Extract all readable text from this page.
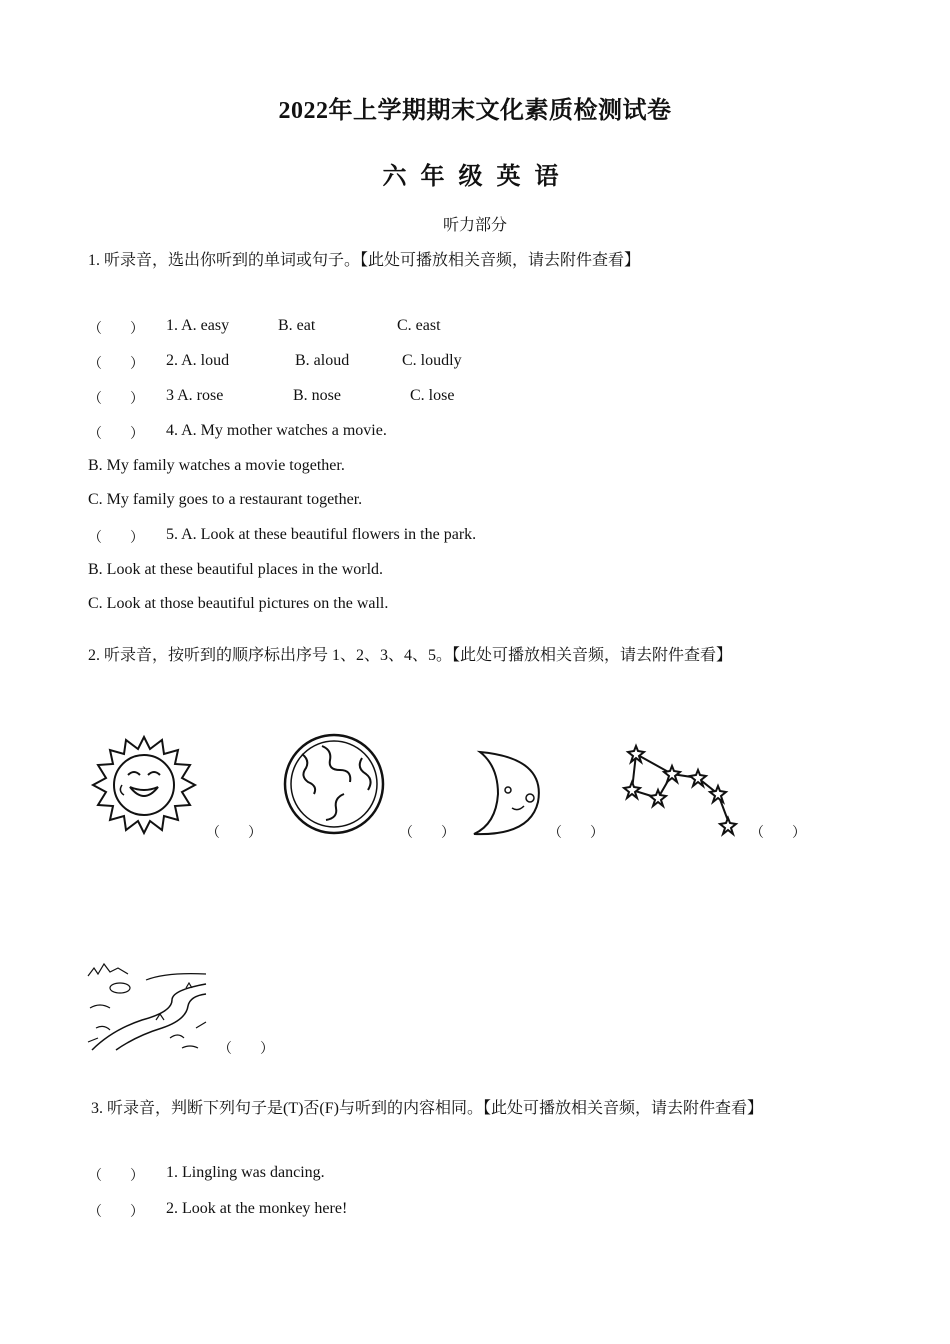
2022年上学期期末文化素质检测试卷
六年级英语
听力部分
1. 听录音，选出你听到的单词或句子。【此处可播放相关音频，请去附件查看】
（　　） 1. A. easy	B. eat	C. east
（　　） 2. A. loud	B. aloud	C. loudly
（　　） 3 A. rose	B. nose	C. lose
（　　） 4. A. My mother watches a movie.
B. My family watches a movie together.
C. My family goes to a restaurant together.
（　　） 5. A. Look at these beautiful flowers in the park.
B. Look at these beautiful places in the world.
C. Look at those beautiful pictures on the wall.
2. 听录音，按听到的顺序标出序号 1、2、3、4、5。【此处可播放相关音频，请去附件查看】
（　　）	（　　）	（　　）	（　　）
（　　）
3. 听录音，判断下列句子是(T)否(F)与听到的内容相同。【此处可播放相关音频，请去附件查看】
（　　） 1. Lingling was dancing.
（　　） 2. Look at the monkey here!
